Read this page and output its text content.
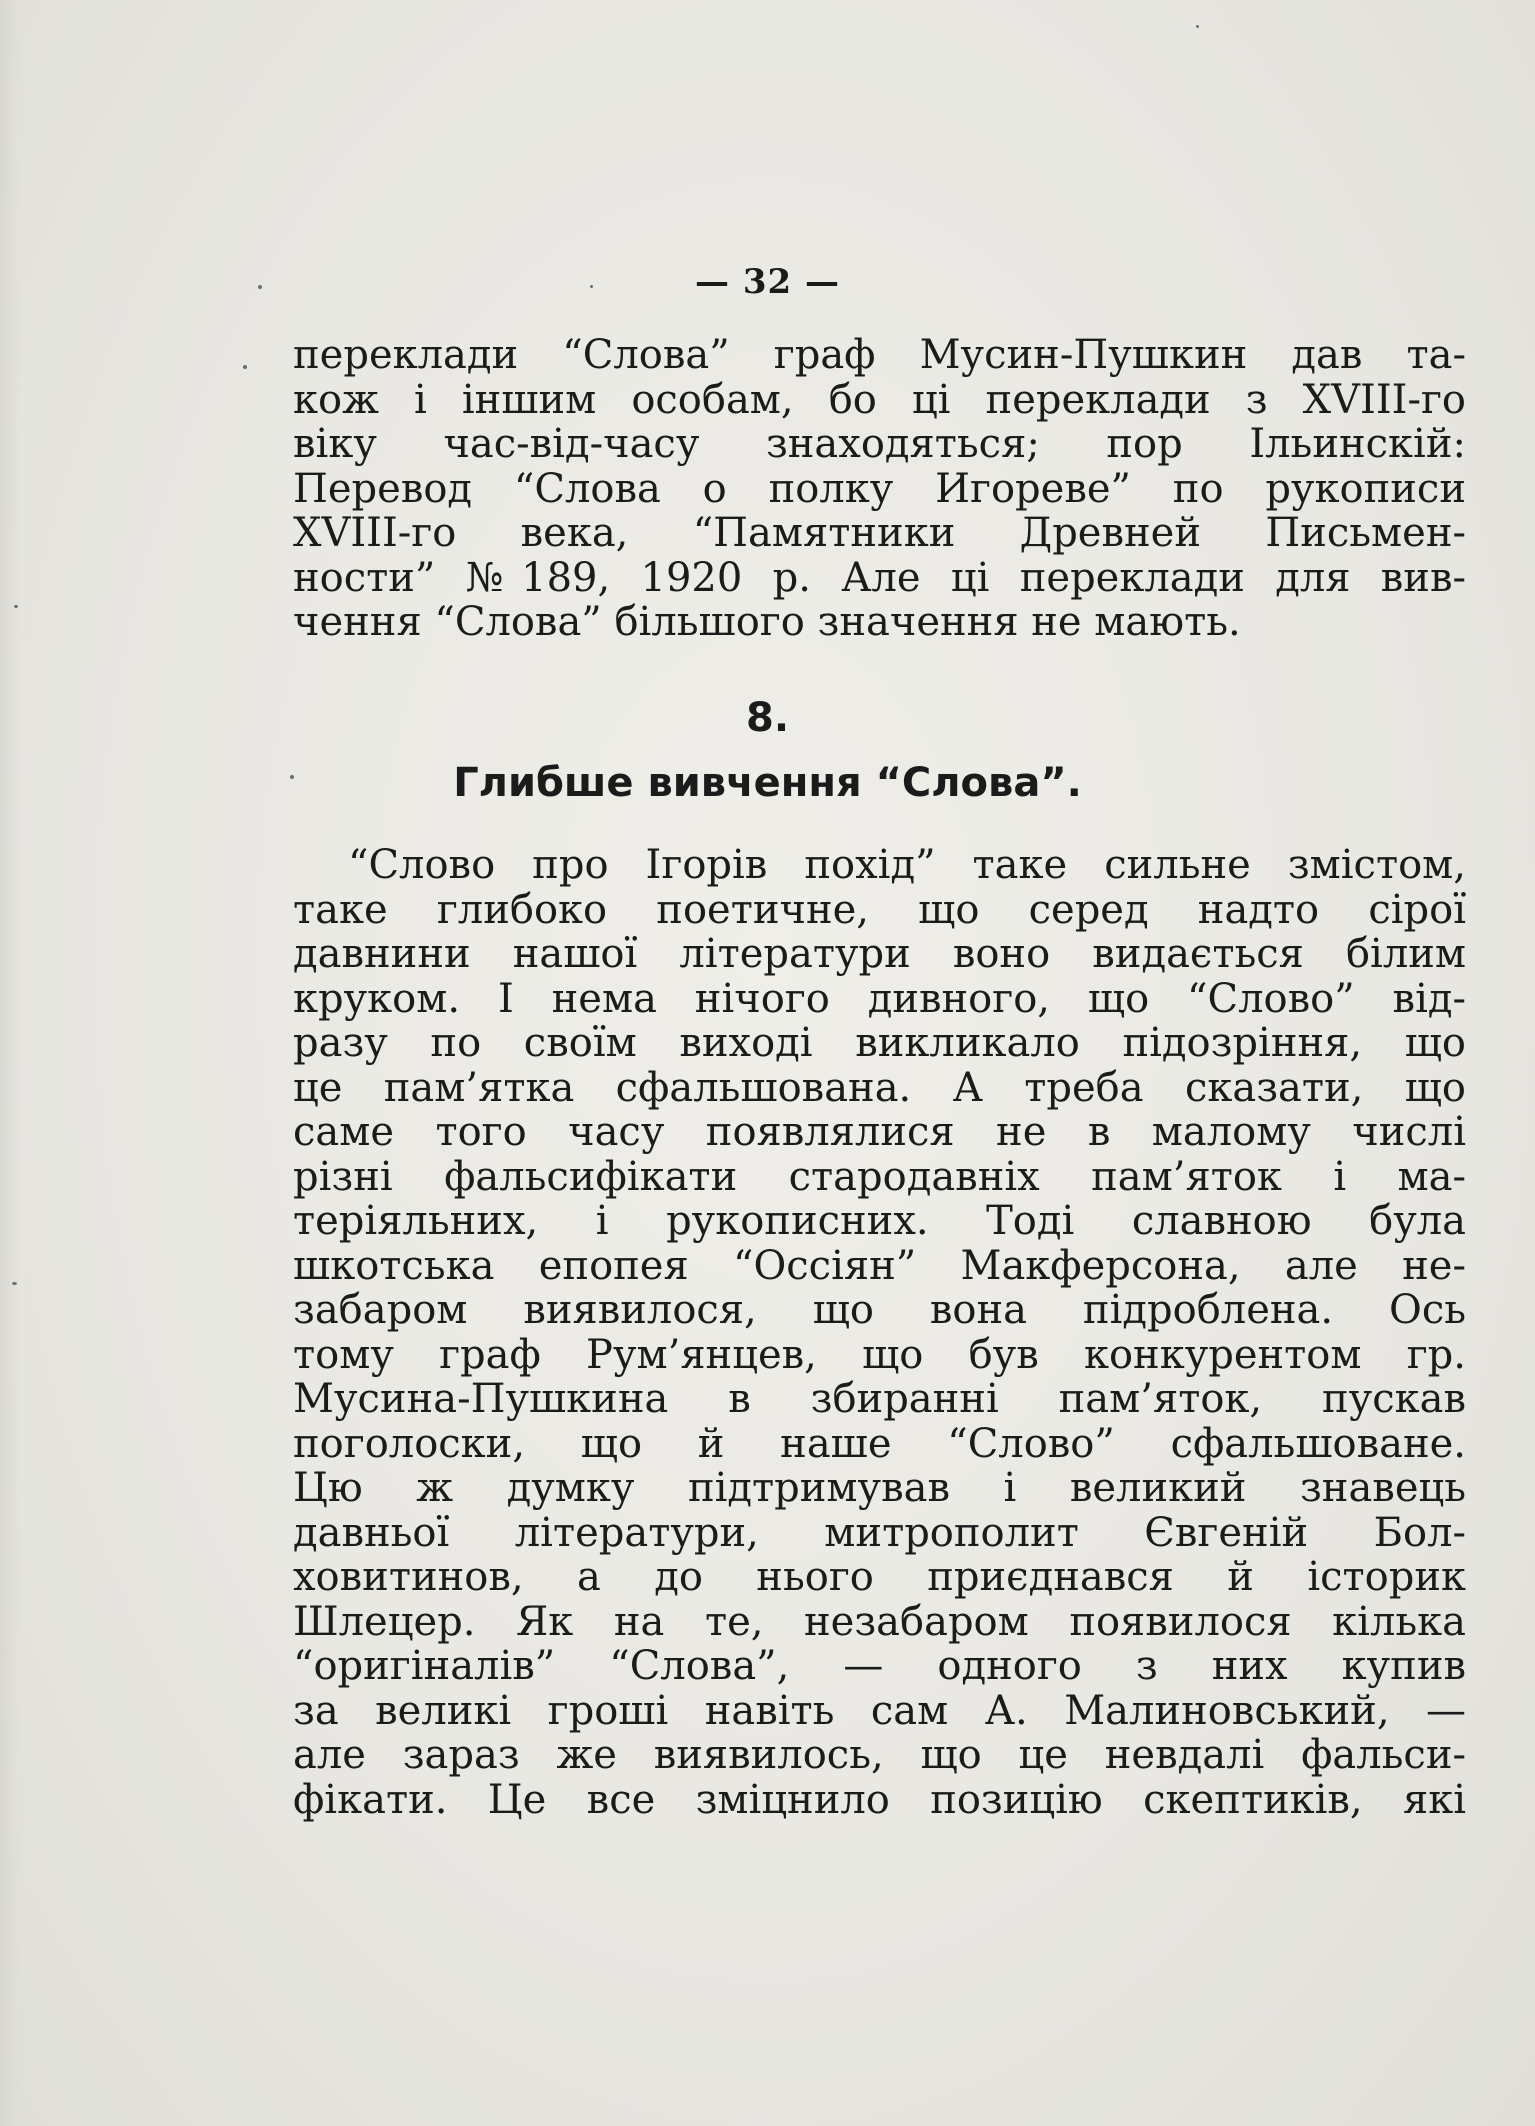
— 32 —
переклади “Слова” граф Мусин-Пушкин дав та-
кож і іншим особам, бо ці переклади з XVIII-го
віку час-від-часу знаходяться; пор Ільинскій:
Перевод “Слова о полку Игореве” по рукописи
XVIII-го века, “Памятники Древней Письмен-
ности” №189, 1920 р. Але ці переклади для вив-
чення “Слова” більшого значення не мають.
8.
Глибше вивчення “Слова”.
“Слово про Ігорів похід” таке сильне змістом,
таке глибоко поетичне, що серед надто сірої
давнини нашої літератури воно видається білим
круком. І нема нічого дивного, що “Слово” від-
разу по своїм виході викликало підозріння, що
це пам’ятка сфальшована. А треба сказати, що
саме того часу появлялися не в малому числі
різні фальсифікати стародавніх пам’яток і ма-
теріяльних, і рукописних. Тоді славною була
шкотська епопея “Оссіян” Макферсона, але не-
забаром виявилося, що вона підроблена. Ось
тому граф Рум’янцев, що був конкурентом гр.
Мусина-Пушкина в збиранні пам’яток, пускав
поголоски, що й наше “Слово” сфальшоване.
Цю ж думку підтримував і великий знавець
давньої літератури, митрополит Євгеній Бол-
ховитинов, а до нього приєднався й історик
Шлецер. Як на те, незабаром появилося кілька
“оригіналів” “Слова”, — одного з них купив
за великі гроші навіть сам А. Малиновський, —
але зараз же виявилось, що це невдалі фальси-
фікати. Це все зміцнило позицію скептиків, які
